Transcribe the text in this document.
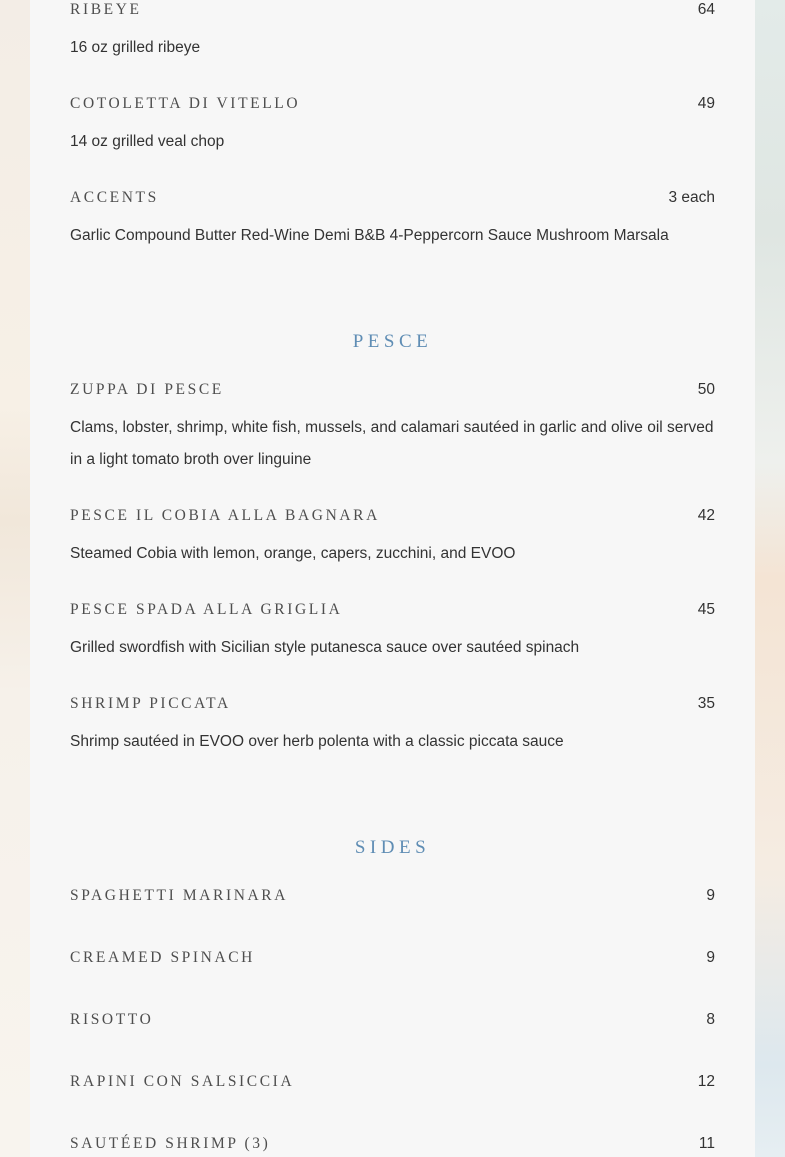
RIBEYE	64
16 oz grilled ribeye
COTOLETTA DI VITELLO	49
14 oz grilled veal chop
ACCENTS	3 each
Garlic Compound Butter Red-Wine Demi B&B 4-Peppercorn Sauce Mushroom Marsala
PESCE
ZUPPA DI PESCE	50
Clams, lobster, shrimp, white fish, mussels, and calamari sautéed in garlic and olive oil served in a light tomato broth over linguine
PESCE IL COBIA ALLA BAGNARA	42
Steamed Cobia with lemon, orange, capers, zucchini, and EVOO
PESCE SPADA ALLA GRIGLIA	45
Grilled swordfish with Sicilian style putanesca sauce over sautéed spinach
SHRIMP PICCATA	35
Shrimp sautéed in EVOO over herb polenta with a classic piccata sauce
SIDES
SPAGHETTI MARINARA	9
CREAMED SPINACH	9
RISOTTO	8
RAPINI CON SALSICCIA	12
SAUTÉED SHRIMP (3)	11
